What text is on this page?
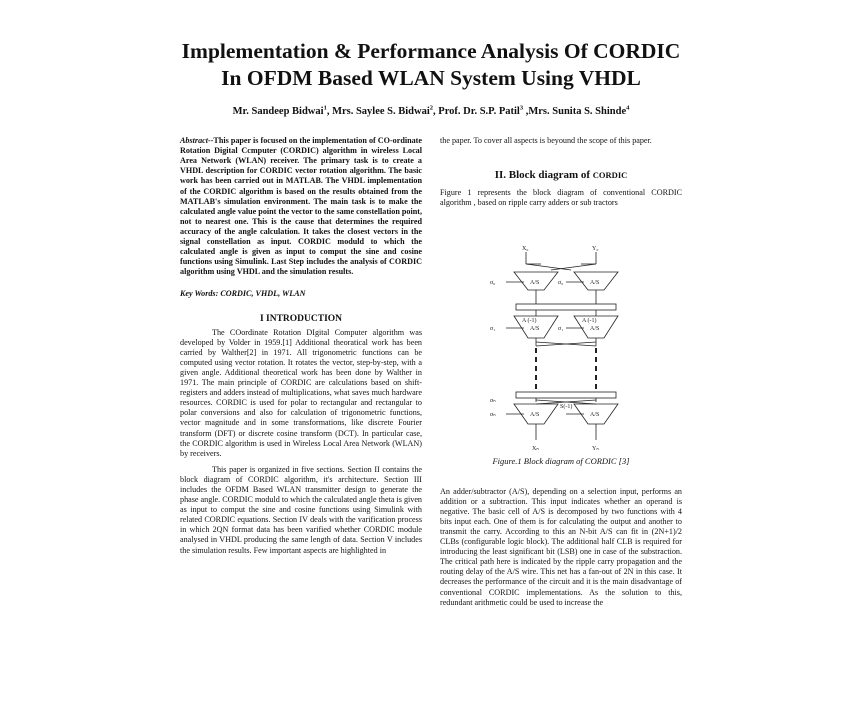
Implementation & Performance Analysis Of CORDIC In OFDM Based WLAN System Using VHDL
Mr. Sandeep Bidwai$^1$, Mrs. Saylee S. Bidwai$^2$, Prof. Dr. S.P. Patil$^3$ ,Mrs. Sunita S. Shinde$^4$

Abstract--This paper is focused on the implementation of CO-ordinate Rotation Digital Ccmputer (CORDIC) algorithm in wireless Local Area Network (WLAN) receiver. The primary task is to create a VHDL description for CORDIC vector rotation algorithm. The basic work has been carried out in MATLAB. The VHDL implementation of the CORDIC algorithm is based on the results obtained from the MATLAB's simulation environment. The main task is to make the calculated angle value point the vector to the same constellation point, not to nearest one. This is the cause that determines the required accuracy of the angle calculation. It takes the closest vectors in the signal constellation as input. CORDIC moduld to which the calculated angle is given as input to comput the sine and cosine functions using Simulink. Last Step includes the analysis of CORDIC algorithm using VHDL and the simulation results.

Key Words: CORDIC, VHDL, WLAN

I INTRODUCTION

The COordinate Rotation DIgital Computer algorithm was developed by Volder in 1959.[1] Additional theoratical work has been carried by Walther[2] in 1971. All trigonometric functions can be computed using vector rotation. It rotates the vector, step-by-step, with a given angle. Additional theoretical work has been done by Walther in 1971. The main principle of CORDIC are calculations based on shift-registers and adders instead of multiplications, what saves much hardware resources. CORDIC is used for polar to rectangular and rectangular to polar conversions and also for calculation of trigonometric functions, vector magnitude and in some transformations, like discrete Fourier transform (DFT) or discrete cosine transform (DCT). In particular case, the CORDIC algorithm is used in Wireless Local Area Network (WLAN) by receivers.

This paper is organized in five sections. Section II contains the block diagram of CORDIC algorithm, it's architecture. Section III includes the OFDM Based WLAN transmitter design to generate the phase angle. CORDIC moduld to which the calculated angle theta is given as input to comput the sine and cosine functions using Simulink with related CORDIC equations. Section IV deals with the varification process in which 2QN format data has been varified whether CORDIC module analysed in VHDL producing the same length of data. Section V includes the simulation results. Few important aspects are highlighted in

the paper. To cover all aspects is beyound the scope of this paper.

II. Block diagram of CORDIC

Figure 1 represents the block diagram of conventional CORDIC algorithm , based on ripple carry adders or sub tractors

X₀	Y₀
σ₀	σ₀
A/S	A/S
σ₁	σ₁
A (-1)	A (-1)
A/S	A/S
σₙ
σₙ
S(-1)
A/S	A/S
Xₙ	Yₙ
Figure.1 Block diagram of CORDIC [3]

An adder/subtractor (A/S), depending on a selection input, performs an addition or a subtraction. This input indicates whether an operand is negative. The basic cell of A/S is decomposed by two functions with 4 bits input each. One of them is for calculating the output and another to transmit the carry. According to this an N-bit A/S can fit in (2N+1)/2 CLBs (configurable logic block). The additional half CLB is required for introducing the least significant bit (LSB) one in case of the substraction. The critical path here is indicated by the ripple carry propagation and the routing delay of the A/S wire. This net has a fan-out of 2N in this case. It decreases the performance of the circuit and it is the main disadvantage of conventional CORDIC implementations. As the solution to this, redundant arithmetic could be used to increase the
